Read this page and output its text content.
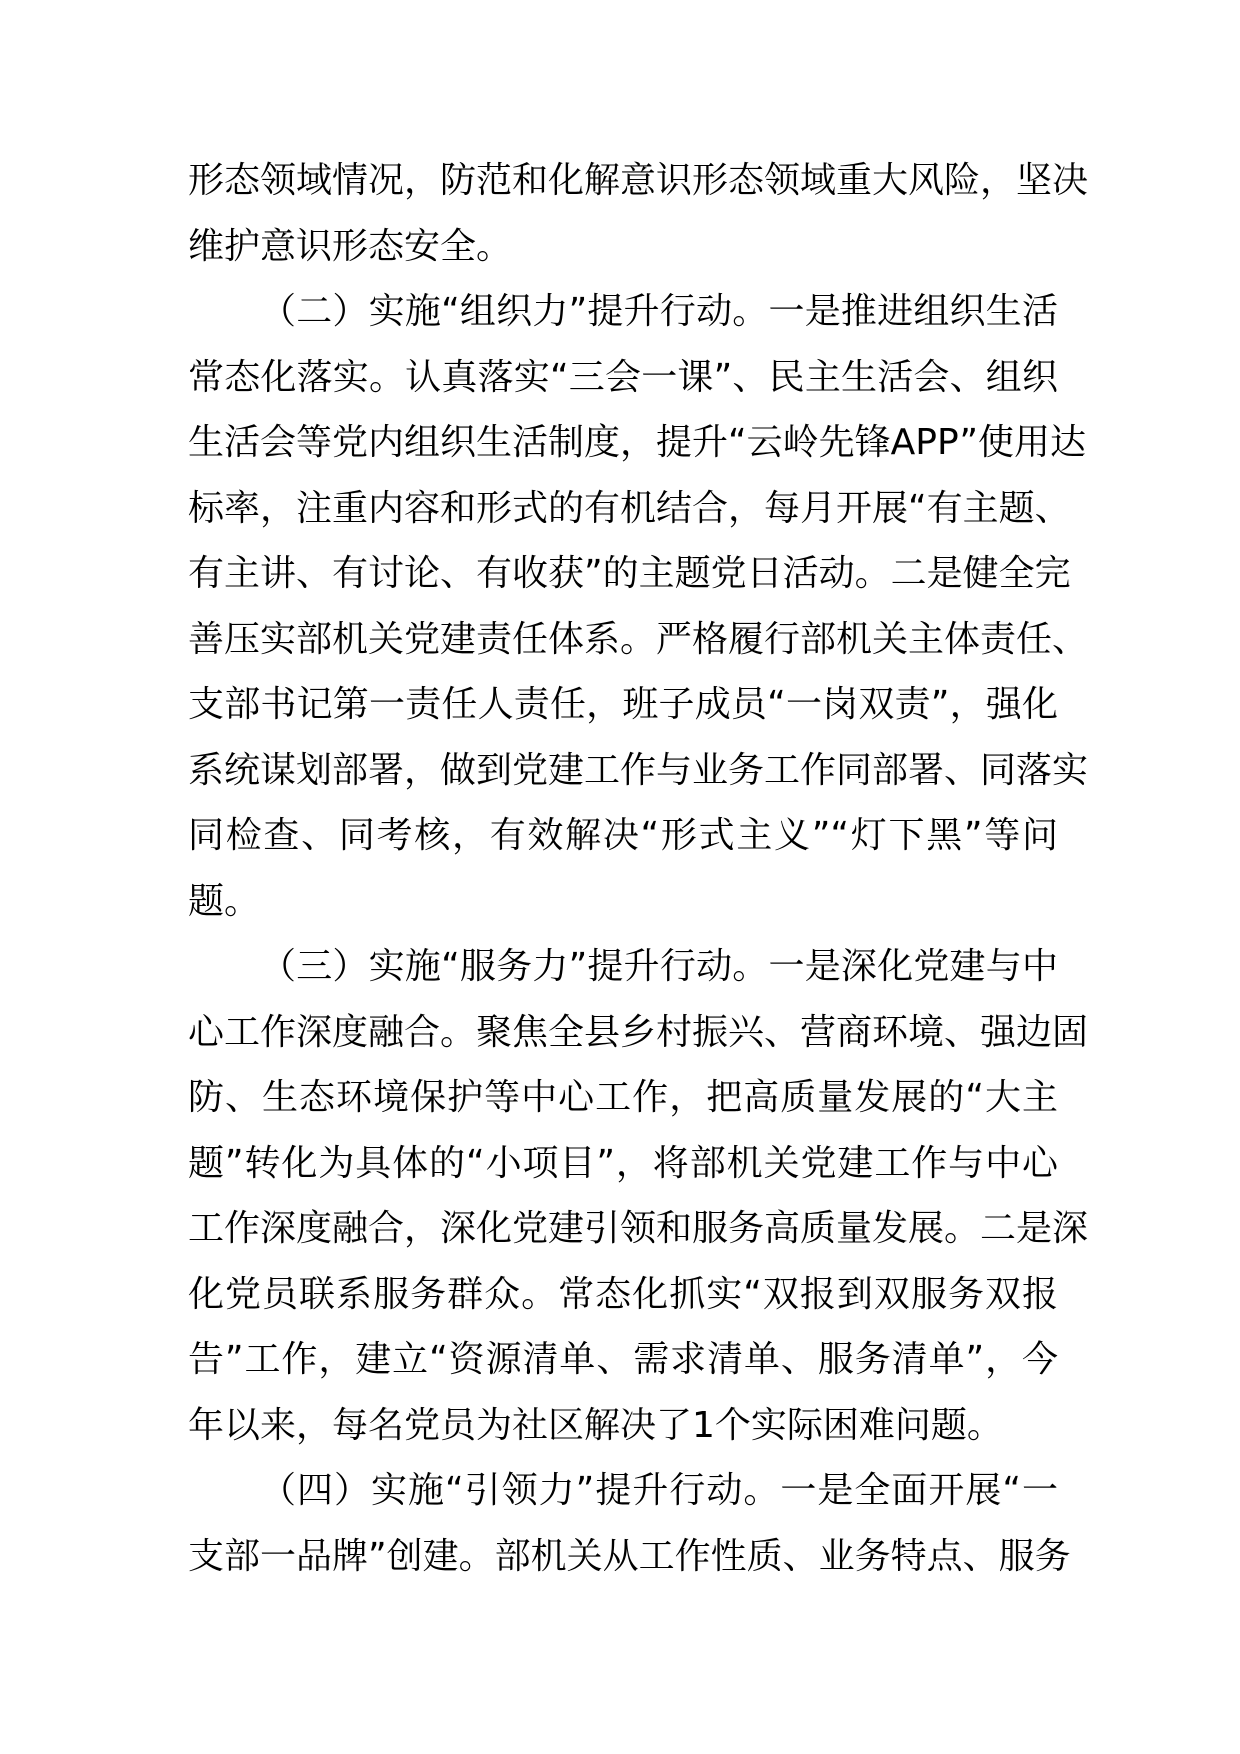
形态领域情况，防范和化解意识形态领域重大风险，坚决
维护意识形态安全。
（二）实施“组织力”提升行动。一是推进组织生活
常态化落实。认真落实“三会一课”、民主生活会、组织
生活会等党内组织生活制度，提升“云岭先锋APP”使用达
标率，注重内容和形式的有机结合，每月开展“有主题、
有主讲、有讨论、有收获”的主题党日活动。二是健全完
善压实部机关党建责任体系。严格履行部机关主体责任、
支部书记第一责任人责任，班子成员“一岗双责”，强化
系统谋划部署，做到党建工作与业务工作同部署、同落实
同检查、同考核，有效解决“形式主义”“灯下黑”等问
题。
（三）实施“服务力”提升行动。一是深化党建与中
心工作深度融合。聚焦全县乡村振兴、营商环境、强边固
防、生态环境保护等中心工作，把高质量发展的“大主
题”转化为具体的“小项目”，将部机关党建工作与中心
工作深度融合，深化党建引领和服务高质量发展。二是深
化党员联系服务群众。常态化抓实“双报到双服务双报
告”工作，建立“资源清单、需求清单、服务清单”，今
年以来，每名党员为社区解决了1个实际困难问题。
（四）实施“引领力”提升行动。一是全面开展“一
支部一品牌”创建。部机关从工作性质、业务特点、服务
